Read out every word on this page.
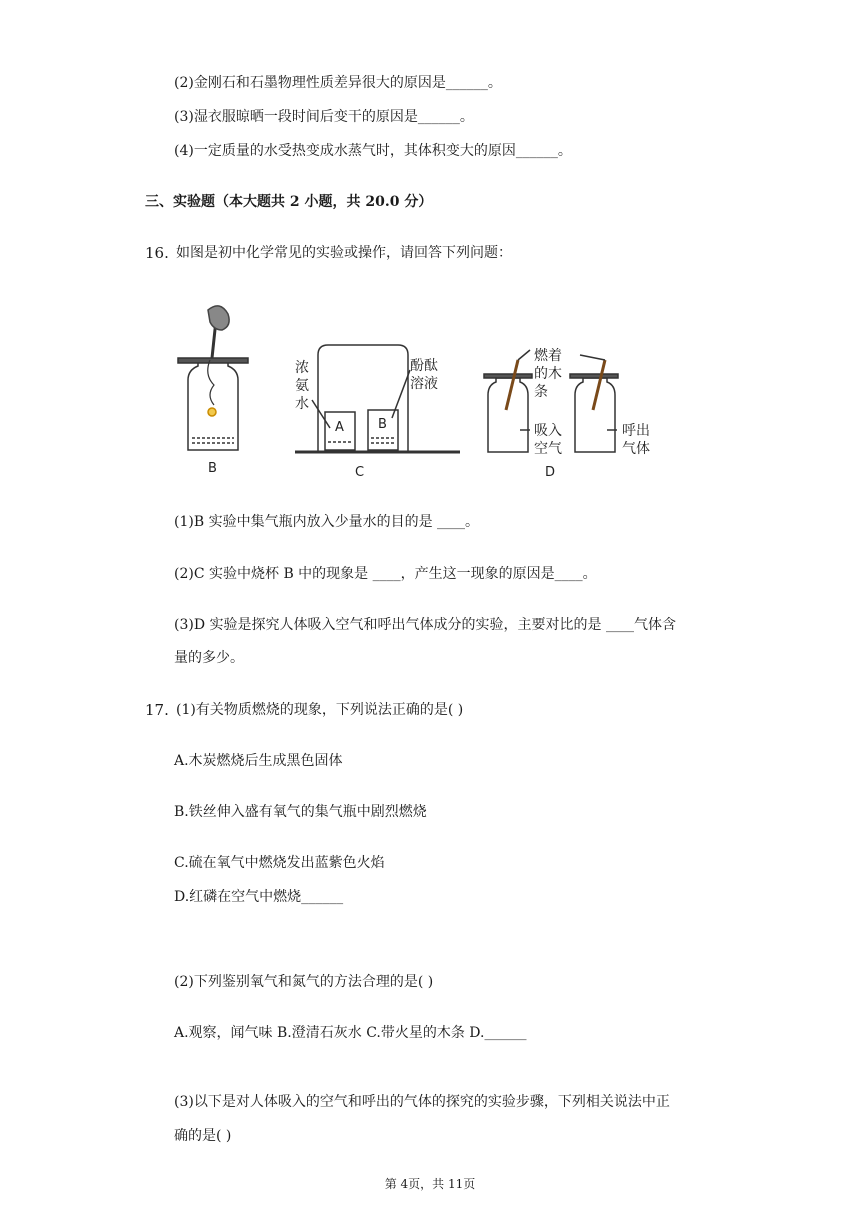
(2)金刚石和石墨物理性质差异很大的原因是______。
(3)湿衣服晾晒一段时间后变干的原因是______。
(4)一定质量的水受热变成水蒸气时，其体积变大的原因______。
三、实验题（本大题共 2 小题，共 20.0 分）
16. 如图是初中化学常见的实验或操作，请回答下列问题：
B
A	B
浓
氨
水
酚酞
溶液
C
燃着
的木
条
吸入
空气
呼出
气体
D
(1)B 实验中集气瓶内放入少量水的目的是 ____。
(2)C 实验中烧杯 B 中的现象是 ____，产生这一现象的原因是____。
(3)D 实验是探究人体吸入空气和呼出气体成分的实验，主要对比的是 ____气体含
量的多少。
17. (1)有关物质燃烧的现象，下列说法正确的是( )
A.木炭燃烧后生成黑色固体
B.铁丝伸入盛有氧气的集气瓶中剧烈燃烧
C.硫在氧气中燃烧发出蓝紫色火焰
D.红磷在空气中燃烧______
(2)下列鉴别氧气和氮气的方法合理的是( )
A.观察，闻气味 B.澄清石灰水 C.带火星的木条 D.______
(3)以下是对人体吸入的空气和呼出的气体的探究的实验步骤，下列相关说法中正
确的是( )
第 4页，共 11页
